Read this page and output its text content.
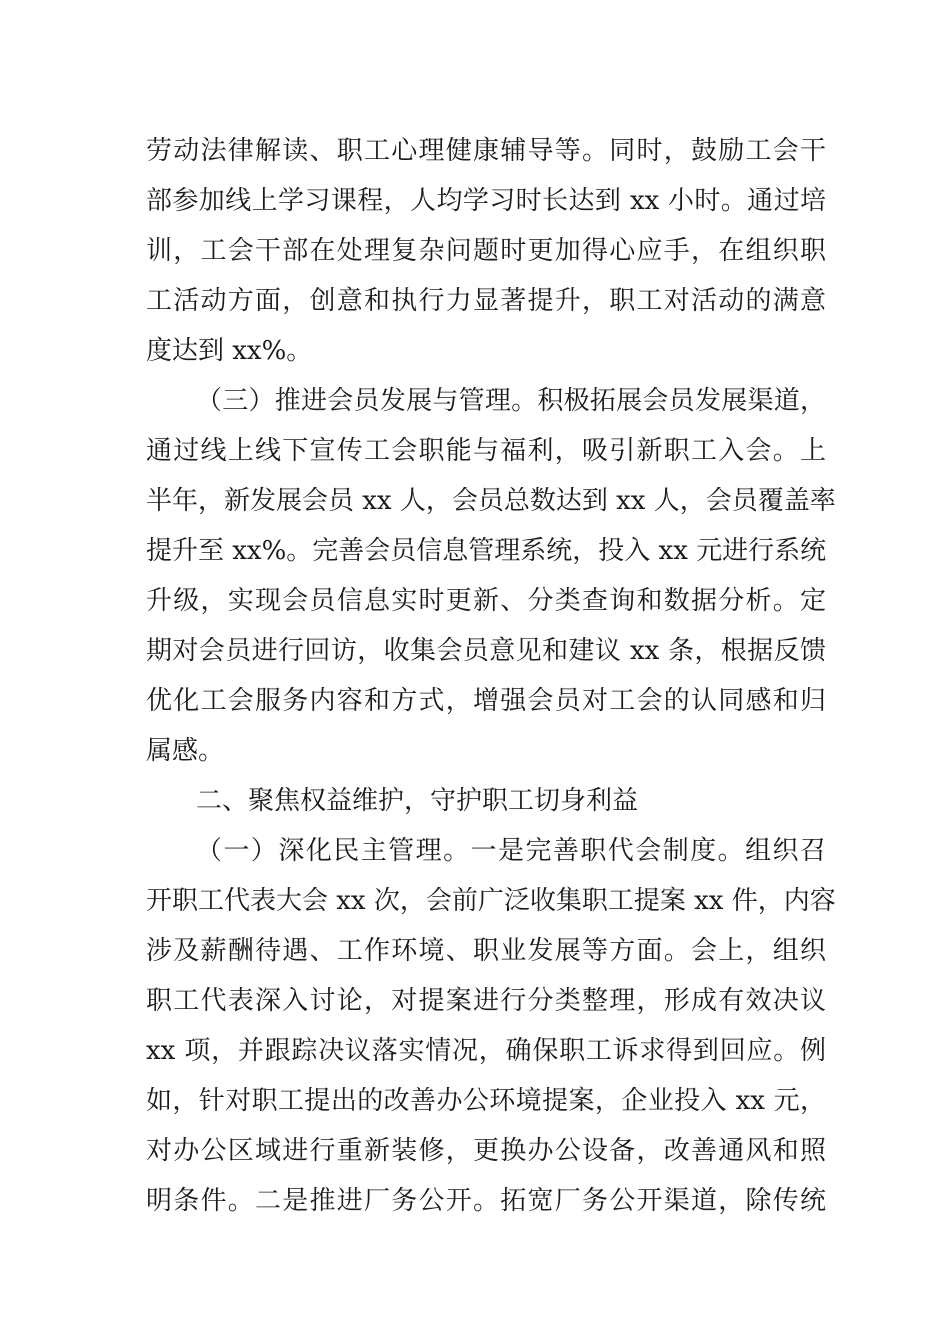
劳动法律解读、职工心理健康辅导等。同时，鼓励工会干
部参加线上学习课程，人均学习时长达到 xx 小时。通过培
训，工会干部在处理复杂问题时更加得心应手，在组织职
工活动方面，创意和执行力显著提升，职工对活动的满意
度达到 xx%。
（三）推进会员发展与管理。积极拓展会员发展渠道，
通过线上线下宣传工会职能与福利，吸引新职工入会。上
半年，新发展会员 xx 人，会员总数达到 xx 人，会员覆盖率
提升至 xx%。完善会员信息管理系统，投入 xx 元进行系统
升级，实现会员信息实时更新、分类查询和数据分析。定
期对会员进行回访，收集会员意见和建议 xx 条，根据反馈
优化工会服务内容和方式，增强会员对工会的认同感和归
属感。
二、聚焦权益维护，守护职工切身利益
（一）深化民主管理。一是完善职代会制度。组织召
开职工代表大会 xx 次，会前广泛收集职工提案 xx 件，内容
涉及薪酬待遇、工作环境、职业发展等方面。会上，组织
职工代表深入讨论，对提案进行分类整理，形成有效决议
xx 项，并跟踪决议落实情况，确保职工诉求得到回应。例
如，针对职工提出的改善办公环境提案，企业投入 xx 元，
对办公区域进行重新装修，更换办公设备，改善通风和照
明条件。二是推进厂务公开。拓宽厂务公开渠道，除传统
